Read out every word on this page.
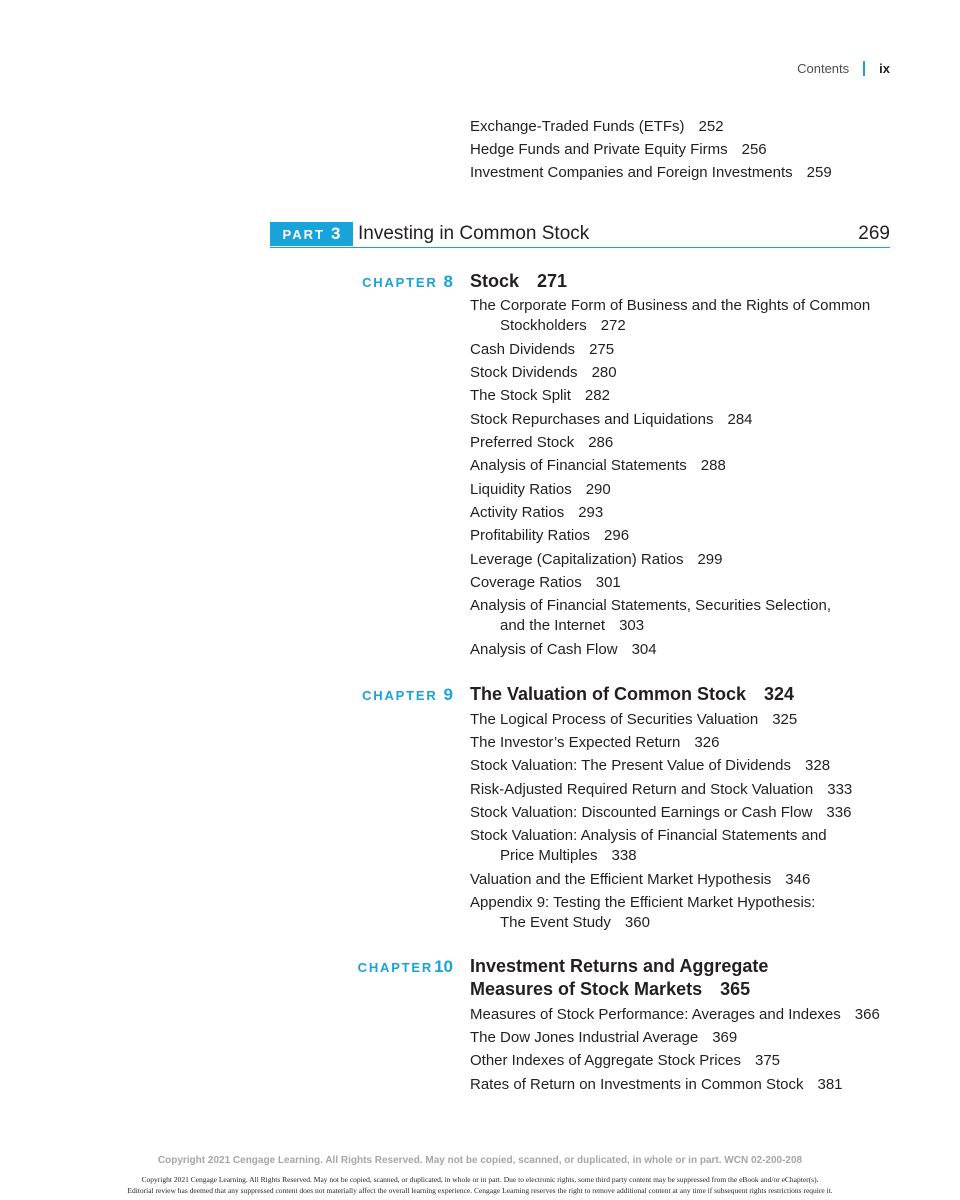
Contents ix
Exchange-Traded Funds (ETFs) 252
Hedge Funds and Private Equity Firms 256
Investment Companies and Foreign Investments 259
PART 3 Investing in Common Stock	269
CHAPTER 8 Stock 271
The Corporate Form of Business and the Rights of Common
Stockholders 272
Cash Dividends 275
Stock Dividends 280
The Stock Split 282
Stock Repurchases and Liquidations 284
Preferred Stock 286
Analysis of Financial Statements 288
Liquidity Ratios 290
Activity Ratios 293
Profitability Ratios 296
Leverage (Capitalization) Ratios 299
Coverage Ratios 301
Analysis of Financial Statements, Securities Selection,
and the Internet 303
Analysis of Cash Flow 304
CHAPTER 9 The Valuation of Common Stock 324
The Logical Process of Securities Valuation 325
The Investor’s Expected Return 326
Stock Valuation: The Present Value of Dividends 328
Risk-Adjusted Required Return and Stock Valuation 333
Stock Valuation: Discounted Earnings or Cash Flow 336
Stock Valuation: Analysis of Financial Statements and
Price Multiples 338
Valuation and the Efficient Market Hypothesis 346
Appendix 9: Testing the Efficient Market Hypothesis:
The Event Study 360
CHAPTER10 Investment Returns and Aggregate
Measures of Stock Markets 365
Measures of Stock Performance: Averages and Indexes 366
The Dow Jones Industrial Average 369
Other Indexes of Aggregate Stock Prices 375
Rates of Return on Investments in Common Stock 381
Copyright 2021 Cengage Learning. All Rights Reserved. May not be copied, scanned, or duplicated, in whole or in part. WCN 02-200-208
Copyright 2021 Cengage Learning. All Rights Reserved. May not be copied, scanned, or duplicated, in whole or in part. Due to electronic rights, some third party content may be suppressed from the eBook and/or eChapter(s).
Editorial review has deemed that any suppressed content does not materially affect the overall learning experience. Cengage Learning reserves the right to remove additional content at any time if subsequent rights restrictions require it.
